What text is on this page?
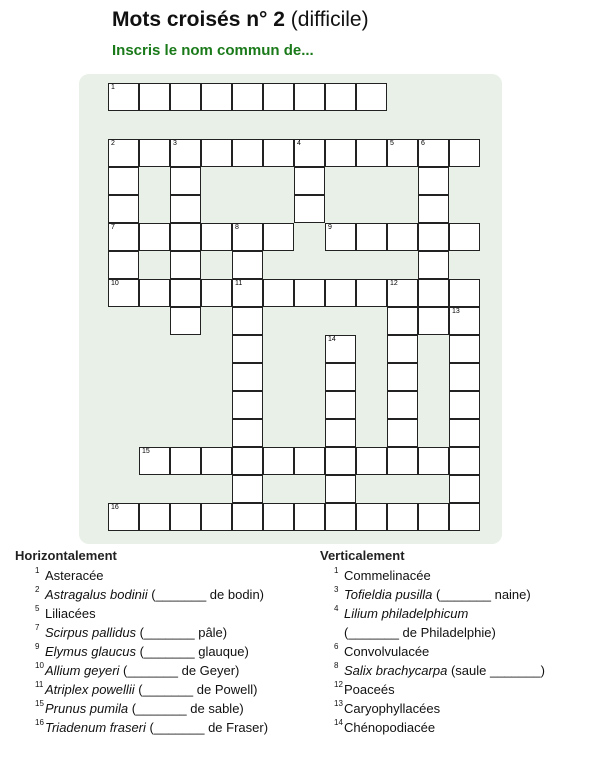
Mots croisés n° 2 (difficile)
Inscris le nom commun de...
1
2	3	4	5	6
7	8	9
10	11	12
13
14
15
16
Horizontalement
1 Asteracée
2 Astragalus bodinii (_______ de bodin)
5 Liliacées
7 Scirpus pallidus (_______ pâle)
9 Elymus glaucus (_______ glauque)
10 Allium geyeri (_______ de Geyer)
11 Atriplex powellii (_______ de Powell)
15 Prunus pumila (_______ de sable)
16 Triadenum fraseri (_______ de Fraser)
Verticalement
1 Commelinacée
3 Tofieldia pusilla (_______ naine)
4 Lilium philadelphicum
(_______ de Philadelphie)
6 Convolvulacée
8 Salix brachycarpa (saule _______)
12 Poaceés
13 Caryophyllacées
14 Chénopodiacée
